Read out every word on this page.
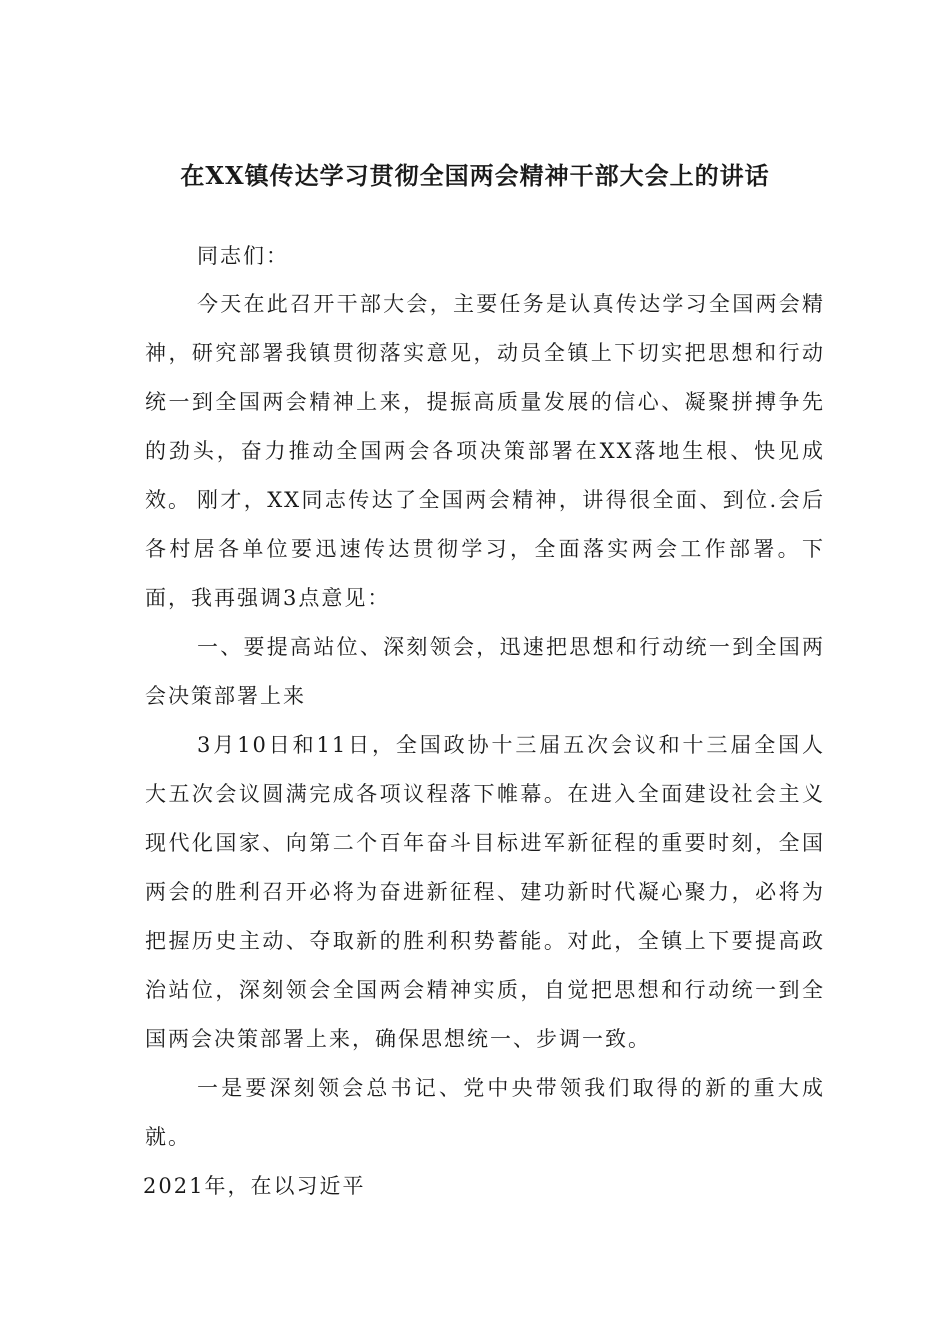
在XX镇传达学习贯彻全国两会精神干部大会上的讲话

同志们：

今天在此召开干部大会，主要任务是认真传达学习全国两会精神，研究部署我镇贯彻落实意见，动员全镇上下切实把思想和行动统一到全国两会精神上来，提振高质量发展的信心、凝聚拼搏争先的劲头，奋力推动全国两会各项决策部署在XX落地生根、快见成效。 刚才，XX同志传达了全国两会精神，讲得很全面、到位.会后各村居各单位要迅速传达贯彻学习，全面落实两会工作部署。下面，我再强调3点意见：

一、要提高站位、深刻领会，迅速把思想和行动统一到全国两会决策部署上来

3月10日和11日，全国政协十三届五次会议和十三届全国人大五次会议圆满完成各项议程落下帷幕。在进入全面建设社会主义现代化国家、向第二个百年奋斗目标进军新征程的重要时刻，全国两会的胜利召开必将为奋进新征程、建功新时代凝心聚力，必将为把握历史主动、夺取新的胜利积势蓄能。对此，全镇上下要提高政治站位，深刻领会全国两会精神实质，自觉把思想和行动统一到全国两会决策部署上来，确保思想统一、步调一致。

一是要深刻领会总书记、党中央带领我们取得的新的重大成就。
2021年，在以习近平
